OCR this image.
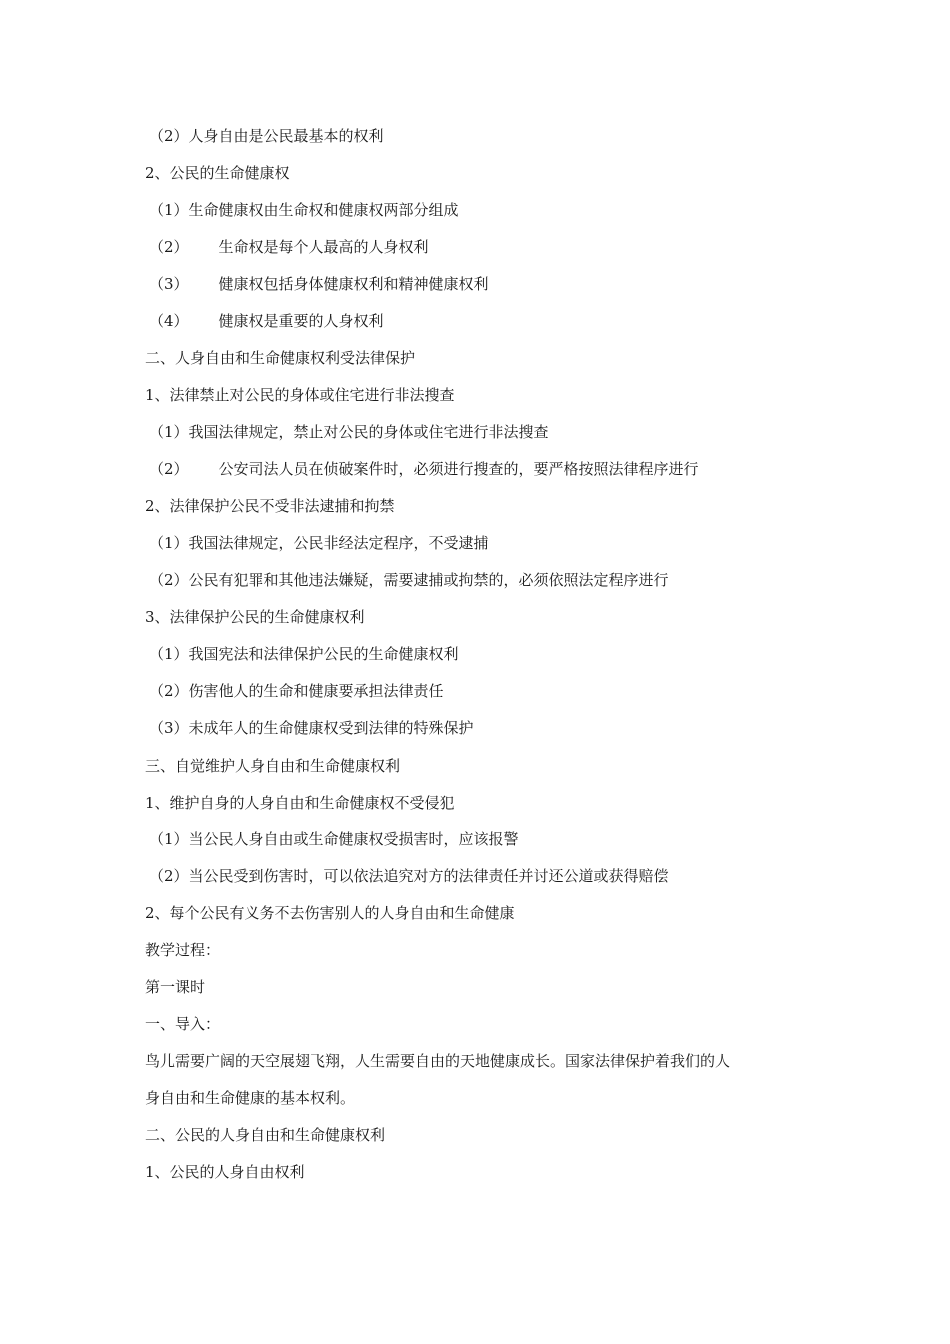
（2）人身自由是公民最基本的权利
2、公民的生命健康权
（1）生命健康权由生命权和健康权两部分组成
（2） 生命权是每个人最高的人身权利
（3） 健康权包括身体健康权利和精神健康权利
（4） 健康权是重要的人身权利
二、人身自由和生命健康权利受法律保护
1、法律禁止对公民的身体或住宅进行非法搜查
（1）我国法律规定，禁止对公民的身体或住宅进行非法搜查
（2） 公安司法人员在侦破案件时，必须进行搜查的，要严格按照法律程序进行
2、法律保护公民不受非法逮捕和拘禁
（1）我国法律规定，公民非经法定程序，不受逮捕
（2）公民有犯罪和其他违法嫌疑，需要逮捕或拘禁的，必须依照法定程序进行
3、法律保护公民的生命健康权利
（1）我国宪法和法律保护公民的生命健康权利
（2）伤害他人的生命和健康要承担法律责任
（3）未成年人的生命健康权受到法律的特殊保护
三、自觉维护人身自由和生命健康权利
1、维护自身的人身自由和生命健康权不受侵犯
（1）当公民人身自由或生命健康权受损害时，应该报警
（2）当公民受到伤害时，可以依法追究对方的法律责任并讨还公道或获得赔偿
2、每个公民有义务不去伤害别人的人身自由和生命健康
教学过程：
第一课时
一、导入：
鸟儿需要广阔的天空展翅飞翔，人生需要自由的天地健康成长。国家法律保护着我们的人
身自由和生命健康的基本权利。
二、公民的人身自由和生命健康权利
1、公民的人身自由权利
